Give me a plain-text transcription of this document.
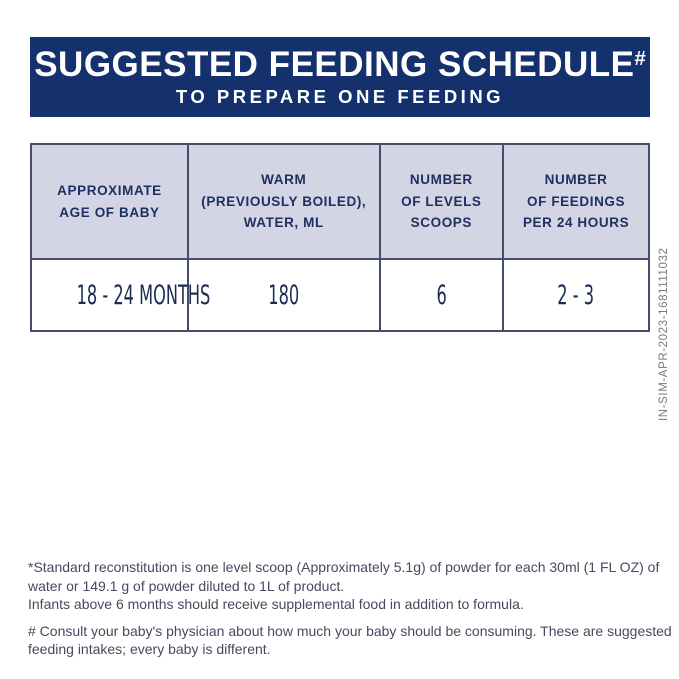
SUGGESTED FEEDING SCHEDULE#
TO PREPARE ONE FEEDING
APPROXIMATE
AGE OF BABY

WARM
(PREVIOUSLY BOILED),
WATER, ML

NUMBER
OF LEVELS
SCOOPS

NUMBER
OF FEEDINGS
PER 24 HOURS

18 - 24 MONTHS	180	6	2 - 3	IN-SIM-APR-2023-1681111032
*Standard reconstitution is one level scoop (Approximately 5.1g) of powder for each 30ml (1 FL OZ) of
water or 149.1 g of powder diluted to 1L of product.
Infants above 6 months should receive supplemental food in addition to formula.
# Consult your baby's physician about how much your baby should be consuming. These are suggested
feeding intakes; every baby is different.
